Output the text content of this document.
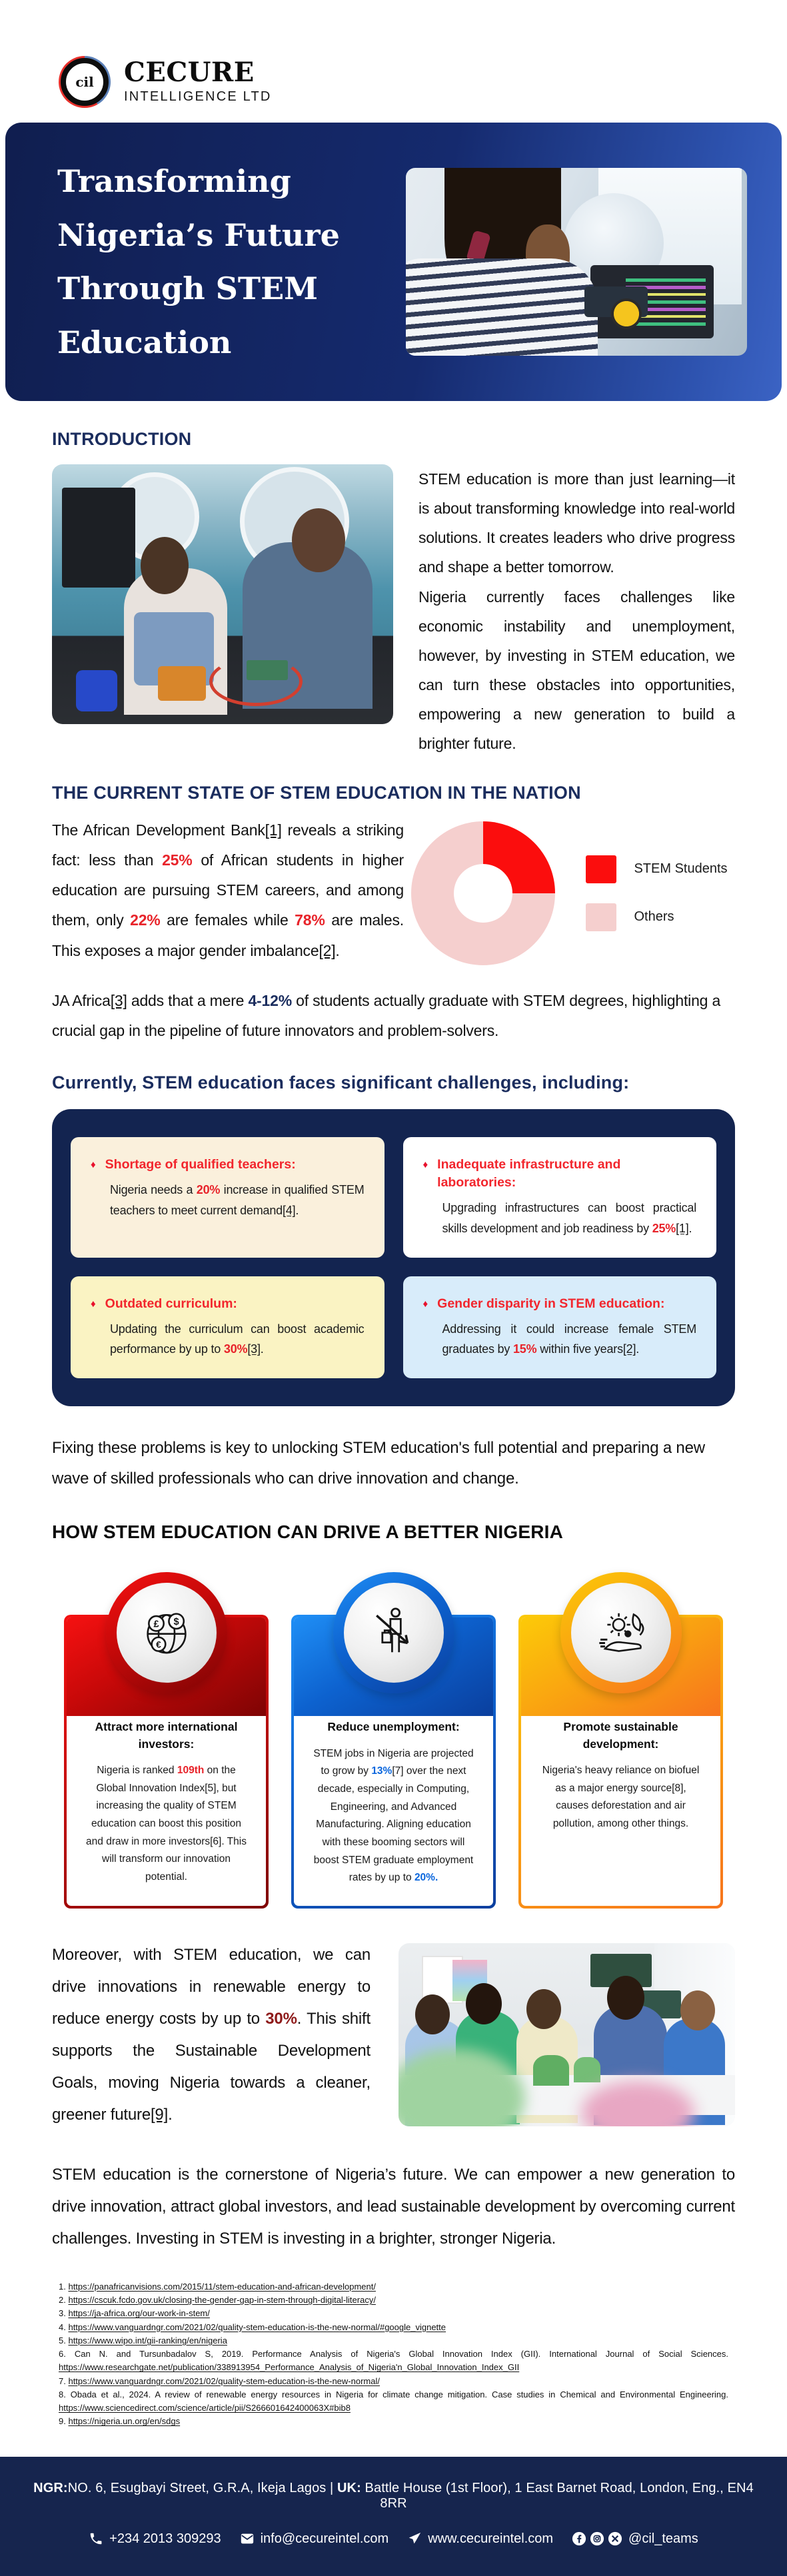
cil	CECURE
INTELLIGENCE LTD
Transforming Nigeria’s Future Through STEM Education
INTRODUCTION

STEM education is more than just learning—it is about transforming knowledge into real-world solutions. It creates leaders who drive progress and shape a better tomorrow.

Nigeria currently faces challenges like economic instability and unemployment, however, by investing in STEM education, we can turn these obstacles into opportunities, empowering a new generation to build a brighter future.

THE CURRENT STATE OF STEM EDUCATION IN THE NATION
The African Development Bank[1] reveals a striking fact: less than 25% of African students in higher education are pursuing STEM careers, and among them, only 22% are females while 78% are males. This exposes a major gender imbalance[2].
STEM Students
Others
JA Africa[3] adds that a mere 4-12% of students actually graduate with STEM degrees, highlighting a crucial gap in the pipeline of future innovators and problem-solvers.
Currently, STEM education faces significant challenges, including:
♦ Shortage of qualified teachers:
Nigeria needs a 20% increase in qualified STEM teachers to meet current demand[4].
♦ Inadequate infrastructure and laboratories:
Upgrading infrastructures can boost practical skills development and job readiness by 25%[1].
♦ Outdated curriculum:
Updating the curriculum can boost academic performance by up to 30%[3].
♦ Gender disparity in STEM education:
Addressing it could increase female STEM graduates by 15% within five years[2].
Fixing these problems is key to unlocking STEM education's full potential and preparing a new wave of skilled professionals who can drive innovation and change.
HOW STEM EDUCATION CAN DRIVE A BETTER NIGERIA
£ $
€
Attract more international investors:
Nigeria is ranked 109th on the Global Innovation Index[5], but increasing the quality of STEM education can boost this position and draw in more investors[6]. This will transform our innovation potential.
Reduce unemployment:
STEM jobs in Nigeria are projected to grow by 13%[7] over the next decade, especially in Computing, Engineering, and Advanced Manufacturing. Aligning education with these booming sectors will boost STEM graduate employment rates by up to 20%.
Promote sustainable development:
Nigeria's heavy reliance on biofuel as a major energy source[8], causes deforestation and air pollution, among other things.
Moreover, with STEM education, we can drive innovations in renewable energy to reduce energy costs by up to 30%. This shift supports the Sustainable Development Goals, moving Nigeria towards a cleaner, greener future[9].
STEM education is the cornerstone of Nigeria’s future. We can empower a new generation to drive innovation, attract global investors, and lead sustainable development by overcoming current challenges. Investing in STEM is investing in a brighter, stronger Nigeria.
1. https://panafricanvisions.com/2015/11/stem-education-and-african-development/
2. https://cscuk.fcdo.gov.uk/closing-the-gender-gap-in-stem-through-digital-literacy/
3. https://ja-africa.org/our-work-in-stem/
4. https://www.vanguardngr.com/2021/02/quality-stem-education-is-the-new-normal/#google_vignette
5. https://www.wipo.int/gii-ranking/en/nigeria
6. Can N. and Tursunbadalov S, 2019. Performance Analysis of Nigeria's Global Innovation Index (GII). International Journal of Social Sciences. https://www.researchgate.net/publication/338913954_Performance_Analysis_of_Nigeria'n_Global_Innovation_Index_GII
7. https://www.vanguardngr.com/2021/02/quality-stem-education-is-the-new-normal/
8. Obada et al., 2024. A review of renewable energy resources in Nigeria for climate change mitigation. Case studies in Chemical and Environmental Engineering. https://www.sciencedirect.com/science/article/pii/S266601642400063X#bib8
9. https://nigeria.un.org/en/sdgs
NGR:NO. 6, Esugbayi Street, G.R.A, Ikeja Lagos | UK: Battle House (1st Floor), 1 East Barnet Road, London, Eng., EN4 8RR
+234 2013 309293	info@cecureintel.com	www.cecureintel.com	@cil_teams
